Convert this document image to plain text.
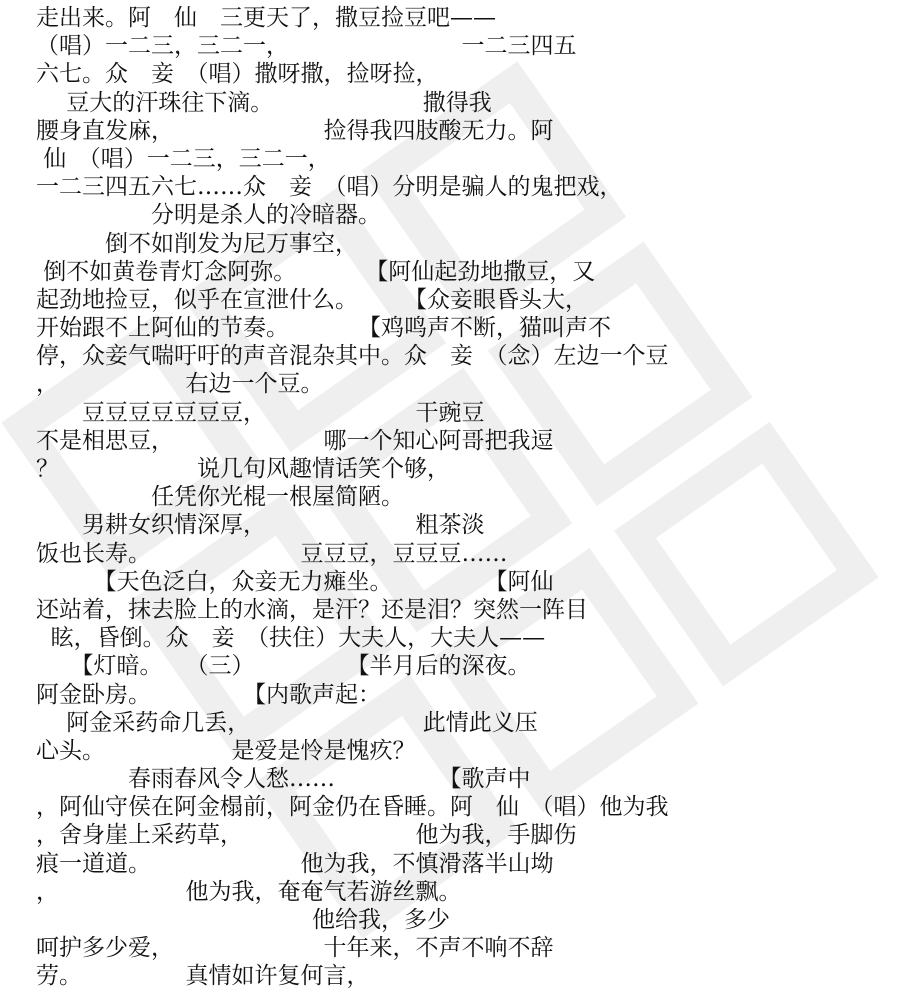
走出来。阿　仙　三更天了，撒豆捡豆吧——
（唱）一二三，三二一，　　　　　　　　一二三四五
六七。众　妾　（唱）撒呀撒，捡呀捡，
　 豆大的汗珠往下滴。　　　　　　　撒得我
腰身直发麻，　　　　　　　捡得我四肢酸无力。阿
仙　（唱）一二三，三二一，
一二三四五六七……众　妾　（唱）分明是骗人的鬼把戏，
　　　　　分明是杀人的冷暗器。
　　　倒不如削发为尼万事空，
倒不如黄卷青灯念阿弥。　　　　【阿仙起劲地撒豆，又
起劲地捡豆，似乎在宣泄什么。　　　【众妾眼昏头大，
开始跟不上阿仙的节奏。　　　　【鸡鸣声不断，猫叫声不
停，众妾气喘吁吁的声音混杂其中。众　妾　（念）左边一个豆
，　　　　　　右边一个豆。
　　豆豆豆豆豆豆豆，　　　　　　　干豌豆
不是相思豆，　　　　　　　哪一个知心阿哥把我逗
？　　　　　　说几句风趣情话笑个够，
　　　　　任凭你光棍一根屋简陋。
　　男耕女织情深厚，　　　　　　　粗茶淡
饭也长寿。　　　　　　　豆豆豆，豆豆豆……
　　　【天色泛白，众妾无力瘫坐。　　　　　【阿仙
还站着，抹去脸上的水滴，是汗？还是泪？突然一阵目
眩，昏倒。众　妾　（扶住）大夫人，大夫人——
　　【灯暗。　　（三）　　　　　【半月后的深夜。
阿金卧房。　　　　　【内歌声起：
　阿金采药命几丢，　　　　　　　　此情此义压
心头。　　　　　　是爱是怜是愧疚？
　　　　春雨春风令人愁……　　　　　【歌声中
，阿仙守侯在阿金榻前，阿金仍在昏睡。阿　仙　（唱）他为我
，舍身崖上采药草，　　　　　　　　他为我，手脚伤
痕一道道。　　　　　　　他为我，不慎滑落半山坳
，　　　　　　他为我，奄奄气若游丝飘。
　　　　　　　　　　　　他给我，多少
呵护多少爱，　　　　　　　十年来，不声不响不辞
劳。　　　　　真情如许复何言，
